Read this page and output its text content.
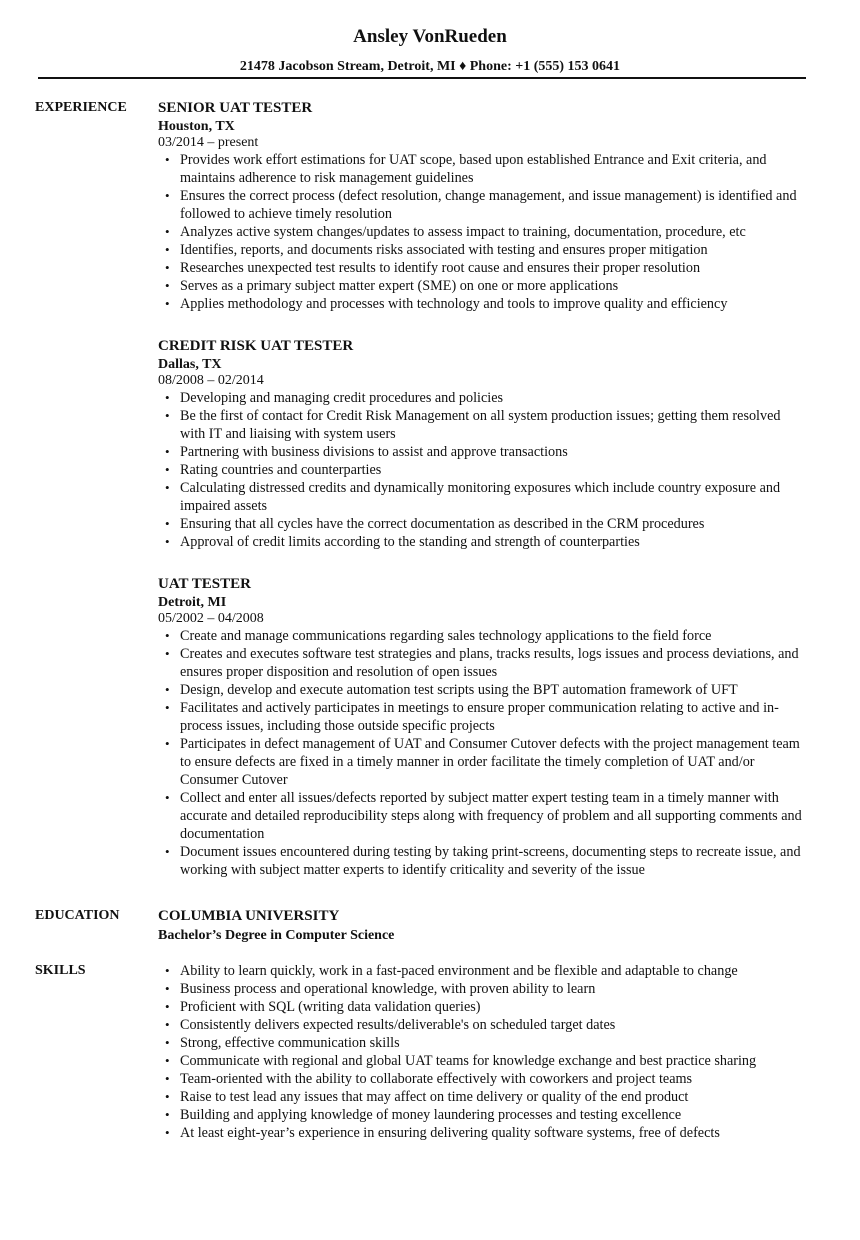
Ansley VonRueden
21478 Jacobson Stream, Detroit, MI ♦ Phone: +1 (555) 153 0641
EXPERIENCE SENIOR UAT TESTER
Houston, TX
03/2014 – present
• Provides work effort estimations for UAT scope, based upon established Entrance and Exit criteria, and maintains adherence to risk management guidelines
• Ensures the correct process (defect resolution, change management, and issue management) is identified and followed to achieve timely resolution
• Analyzes active system changes/updates to assess impact to training, documentation, procedure, etc
• Identifies, reports, and documents risks associated with testing and ensures proper mitigation
• Researches unexpected test results to identify root cause and ensures their proper resolution
• Serves as a primary subject matter expert (SME) on one or more applications
• Applies methodology and processes with technology and tools to improve quality and efficiency
CREDIT RISK UAT TESTER
Dallas, TX
08/2008 – 02/2014
• Developing and managing credit procedures and policies
• Be the first of contact for Credit Risk Management on all system production issues; getting them resolved with IT and liaising with system users
• Partnering with business divisions to assist and approve transactions
• Rating countries and counterparties
• Calculating distressed credits and dynamically monitoring exposures which include country exposure and impaired assets
• Ensuring that all cycles have the correct documentation as described in the CRM procedures
• Approval of credit limits according to the standing and strength of counterparties
UAT TESTER
Detroit, MI
05/2002 – 04/2008
• Create and manage communications regarding sales technology applications to the field force
• Creates and executes software test strategies and plans, tracks results, logs issues and process deviations, and ensures proper disposition and resolution of open issues
• Design, develop and execute automation test scripts using the BPT automation framework of UFT
• Facilitates and actively participates in meetings to ensure proper communication relating to active and in-process issues, including those outside specific projects
• Participates in defect management of UAT and Consumer Cutover defects with the project management team to ensure defects are fixed in a timely manner in order facilitate the timely completion of UAT and/or Consumer Cutover
• Collect and enter all issues/defects reported by subject matter expert testing team in a timely manner with accurate and detailed reproducibility steps along with frequency of problem and all supporting comments and documentation
• Document issues encountered during testing by taking print-screens, documenting steps to recreate issue, and working with subject matter experts to identify criticality and severity of the issue
EDUCATION	COLUMBIA UNIVERSITY
Bachelor’s Degree in Computer Science
SKILLS
•	Ability to learn quickly, work in a fast-paced environment and be flexible and adaptable to change
• Business process and operational knowledge, with proven ability to learn
• Proficient with SQL (writing data validation queries)
• Consistently delivers expected results/deliverable's on scheduled target dates
• Strong, effective communication skills
• Communicate with regional and global UAT teams for knowledge exchange and best practice sharing
• Team-oriented with the ability to collaborate effectively with coworkers and project teams
• Raise to test lead any issues that may affect on time delivery or quality of the end product
• Building and applying knowledge of money laundering processes and testing excellence
• At least eight-year’s experience in ensuring delivering quality software systems, free of defects
